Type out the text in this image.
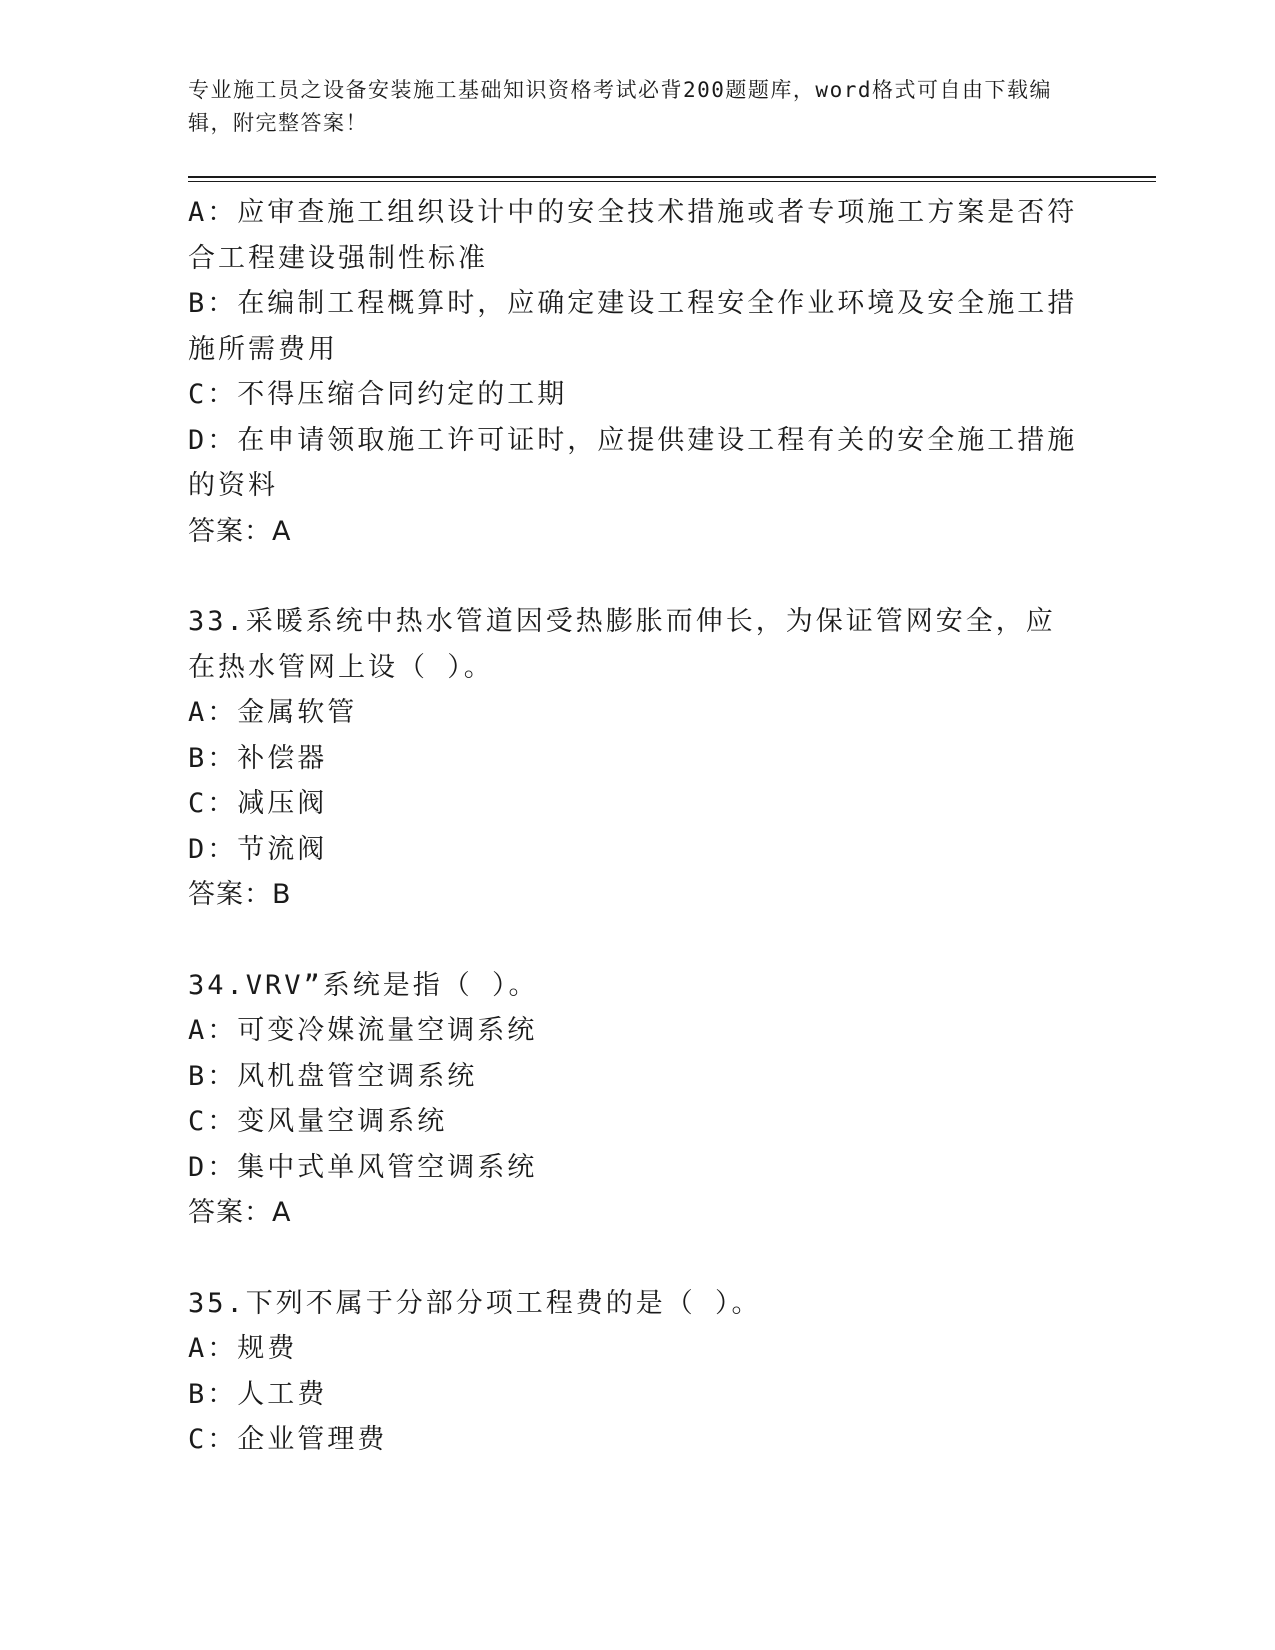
专业施工员之设备安装施工基础知识资格考试必背200题题库，word格式可自由下载编辑，附完整答案！
A：应审查施工组织设计中的安全技术措施或者专项施工方案是否符合工程建设强制性标准
B：在编制工程概算时，应确定建设工程安全作业环境及安全施工措施所需费用
C：不得压缩合同约定的工期
D：在申请领取施工许可证时，应提供建设工程有关的安全施工措施的资料
答案：A
33.采暖系统中热水管道因受热膨胀而伸长，为保证管网安全，应在热水管网上设（ ）。
A：金属软管
B：补偿器
C：减压阀
D：节流阀
答案：B
34.VRV”系统是指（ ）。
A：可变冷媒流量空调系统
B：风机盘管空调系统
C：变风量空调系统
D：集中式单风管空调系统
答案：A
35.下列不属于分部分项工程费的是（ ）。
A：规费
B：人工费
C：企业管理费
